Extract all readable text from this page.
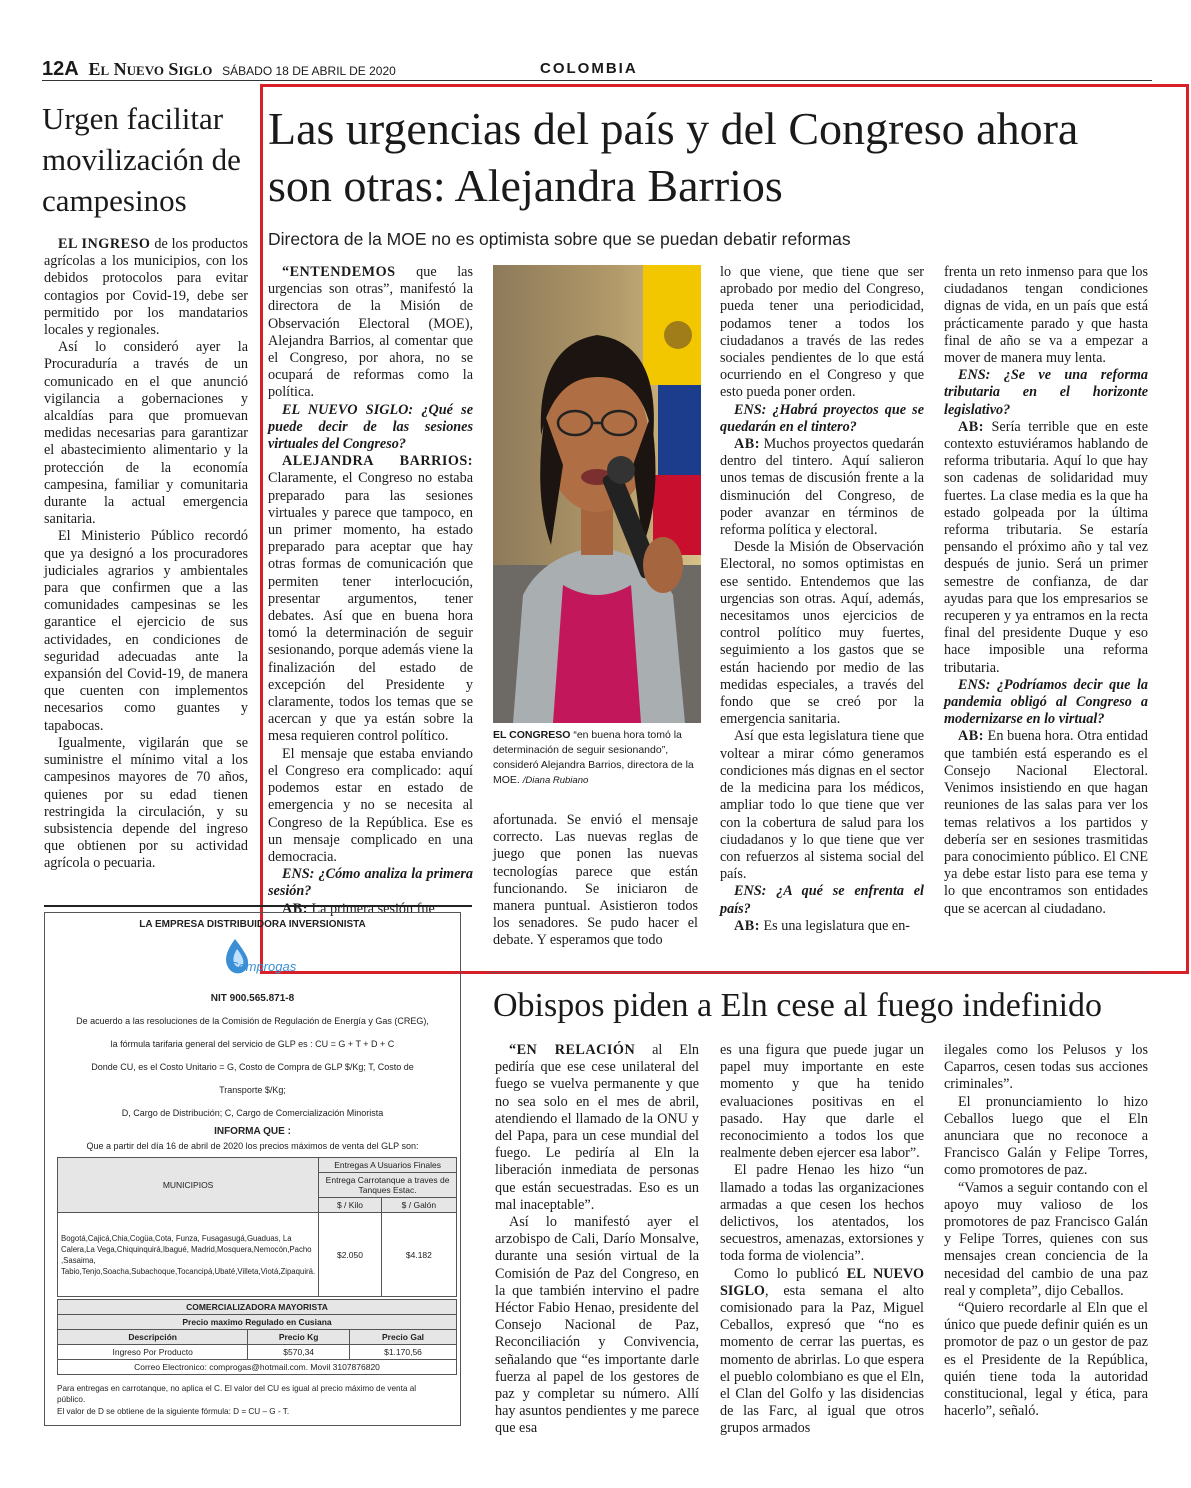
12A El Nuevo Siglo SÁBADO 18 DE ABRIL DE 2020	COLOMBIA
Urgen facilitar movilización de campesinos

EL INGRESO de los productos agrícolas a los municipios, con los debidos protocolos para evitar contagios por Covid-19, debe ser permitido por los mandatarios locales y regionales.

Así lo consideró ayer la Procuraduría a través de un comunicado en el que anunció vigilancia a gobernaciones y alcaldías para que promuevan medidas necesarias para garantizar el abastecimiento alimentario y la protección de la economía campesina, familiar y comunitaria durante la actual emergencia sanitaria.

El Ministerio Público recordó que ya designó a los procuradores judiciales agrarios y ambientales para que confirmen que a las comunidades campesinas se les garantice el ejercicio de sus actividades, en condiciones de seguridad adecuadas ante la expansión del Covid-19, de manera que cuenten con implementos necesarios como guantes y tapabocas.

Igualmente, vigilarán que se suministre el mínimo vital a los campesinos mayores de 70 años, quienes por su edad tienen restringida la circulación, y su subsistencia depende del ingreso que obtienen por su actividad agrícola o pecuaria.

Las urgencias del país y del Congreso ahora son otras: Alejandra Barrios
Directora de la MOE no es optimista sobre que se puedan debatir reformas

“ENTENDEMOS que las urgencias son otras”, manifestó la directora de la Misión de Observación Electoral (MOE), Alejandra Barrios, al comentar que el Congreso, por ahora, no se ocupará de reformas como la política.

EL NUEVO SIGLO: ¿Qué se puede decir de las sesiones virtuales del Congreso?

ALEJANDRA BARRIOS: Claramente, el Congreso no estaba preparado para las sesiones virtuales y parece que tampoco, en un primer momento, ha estado preparado para aceptar que hay otras formas de comunicación que permiten tener interlocución, presentar argumentos, tener debates. Así que en buena hora tomó la determinación de seguir sesionando, porque además viene la finalización del estado de excepción del Presidente y claramente, todos los temas que se acercan y que ya están sobre la mesa requieren control político.

El mensaje que estaba enviando el Congreso era complicado: aquí podemos estar en estado de emergencia y no se necesita al Congreso de la República. Ese es un mensaje complicado en una democracia.

ENS: ¿Cómo analiza la primera sesión?

AB: La primera sesión fue

EL CONGRESO “en buena hora tomó la determinación de seguir sesionando”, consideró Alejandra Barrios, directora de la MOE. /Diana Rubiano

afortunada. Se envió el mensaje correcto. Las nuevas reglas de juego que ponen las nuevas tecnologías parece que están funcionando. Se iniciaron de manera puntual. Asistieron todos los senadores. Se pudo hacer el debate. Y esperamos que todo

lo que viene, que tiene que ser aprobado por medio del Congreso, pueda tener una periodicidad, podamos tener a todos los ciudadanos a través de las redes sociales pendientes de lo que está ocurriendo en el Congreso y que esto pueda poner orden.

ENS: ¿Habrá proyectos que se quedarán en el tintero?

AB: Muchos proyectos quedarán dentro del tintero. Aquí salieron unos temas de discusión frente a la disminución del Congreso, de poder avanzar en términos de reforma política y electoral.

Desde la Misión de Observación Electoral, no somos optimistas en ese sentido. Entendemos que las urgencias son otras. Aquí, además, necesitamos unos ejercicios de control político muy fuertes, seguimiento a los gastos que se están haciendo por medio de las medidas especiales, a través del fondo que se creó por la emergencia sanitaria.

Así que esta legislatura tiene que voltear a mirar cómo generamos condiciones más dignas en el sector de la medicina para los médicos, ampliar todo lo que tiene que ver con la cobertura de salud para los ciudadanos y lo que tiene que ver con refuerzos al sistema social del país.

ENS: ¿A qué se enfrenta el país?

AB: Es una legislatura que en-

frenta un reto inmenso para que los ciudadanos tengan condiciones dignas de vida, en un país que está prácticamente parado y que hasta final de año se va a empezar a mover de manera muy lenta.

ENS: ¿Se ve una reforma tributaria en el horizonte legislativo?

AB: Sería terrible que en este contexto estuviéramos hablando de reforma tributaria. Aquí lo que hay son cadenas de solidaridad muy fuertes. La clase media es la que ha estado golpeada por la última reforma tributaria. Se estaría pensando el próximo año y tal vez después de junio. Será un primer semestre de confianza, de dar ayudas para que los empresarios se recuperen y ya entramos en la recta final del presidente Duque y eso hace imposible una reforma tributaria.

ENS: ¿Podríamos decir que la pandemia obligó al Congreso a modernizarse en lo virtual?

AB: En buena hora. Otra entidad que también está esperando es el Consejo Nacional Electoral. Venimos insistiendo en que hagan reuniones de las salas para ver los temas relativos a los partidos y debería ser en sesiones trasmitidas para conocimiento público. El CNE ya debe estar listo para ese tema y lo que encontramos son entidades que se acercan al ciudadano.

Obispos piden a Eln cese al fuego indefinido

“EN RELACIÓN al Eln pediría que ese cese unilateral del fuego se vuelva permanente y que no sea solo en el mes de abril, atendiendo el llamado de la ONU y del Papa, para un cese mundial del fuego. Le pediría al Eln la liberación inmediata de personas que están secuestradas. Eso es un mal inaceptable”.

Así lo manifestó ayer el arzobispo de Cali, Darío Monsalve, durante una sesión virtual de la Comisión de Paz del Congreso, en la que también intervino el padre Héctor Fabio Henao, presidente del Consejo Nacional de Paz, Reconciliación y Convivencia, señalando que “es importante darle fuerza al papel de los gestores de paz y completar su número. Allí hay asuntos pendientes y me parece que esa

es una figura que puede jugar un papel muy importante en este momento y que ha tenido evaluaciones positivas en el pasado. Hay que darle el reconocimiento a todos los que realmente deben ejercer esa labor”.

El padre Henao les hizo “un llamado a todas las organizaciones armadas a que cesen los hechos delictivos, los atentados, los secuestros, amenazas, extorsiones y toda forma de violencia”.

Como lo publicó EL NUEVO SIGLO, esta semana el alto comisionado para la Paz, Miguel Ceballos, expresó que “no es momento de cerrar las puertas, es momento de abrirlas. Lo que espera el pueblo colombiano es que el Eln, el Clan del Golfo y las disidencias de las Farc, al igual que otros grupos armados

ilegales como los Pelusos y los Caparros, cesen todas sus acciones criminales”.

El pronunciamiento lo hizo Ceballos luego que el Eln anunciara que no reconoce a Francisco Galán y Felipe Torres, como promotores de paz.

“Vamos a seguir contando con el apoyo muy valioso de los promotores de paz Francisco Galán y Felipe Torres, quienes con sus mensajes crean conciencia de la necesidad del cambio de una paz real y completa”, dijo Ceballos.

“Quiero recordarle al Eln que el único que puede definir quién es un promotor de paz o un gestor de paz es el Presidente de la República, quién tiene toda la autoridad constitucional, legal y ética, para hacerlo”, señaló.

LA EMPRESA DISTRIBUIDORA INVERSIONISTA
Comprogas
NIT 900.565.871-8
De acuerdo a las resoluciones de la Comisión de Regulación de Energía y Gas (CREG),
la fórmula tarifaria general del servicio de GLP es : CU = G + T + D + C
Donde CU, es el Costo Unitario = G, Costo de Compra de GLP $/Kg; T, Costo de
Transporte $/Kg;
D, Cargo de Distribución; C, Cargo de Comercialización Minorista
INFORMA QUE :
Que a partir del día 16 de abril de 2020 los precios máximos de venta del GLP son:
MUNICIPIOS	Entregas A Usuarios Finales	
	Entrega Carrotanque a traves de Tanques Estac.	
	$ / Kilo	$ / Galón
Bogotá,Cajicá,Chia,Cogüa,Cota, Funza, Fusagasugá,Guaduas, La Calera,La Vega,Chiquinquirá,Ibagué, Madrid,Mosquera,Nemocón,Pacho ,Sasaima, Tabio,Tenjo,Soacha,Subachoque,Tocancipá,Ubaté,Villeta,Viotá,Zipaquirá.	$2.050	$4.182
COMERCIALIZADORA MAYORISTA		
Precio maximo Regulado en Cusiana		
Descripción	Precio Kg	Precio Gal
Ingreso Por Producto	$570,34	$1.170,56
Correo Electronico: comprogas@hotmail.com. Movil 3107876820		
Para entregas en carrotanque, no aplica el C. El valor del CU es igual al precio máximo de venta al público.
El valor de D se obtiene de la siguiente fórmula: D = CU – G - T.
